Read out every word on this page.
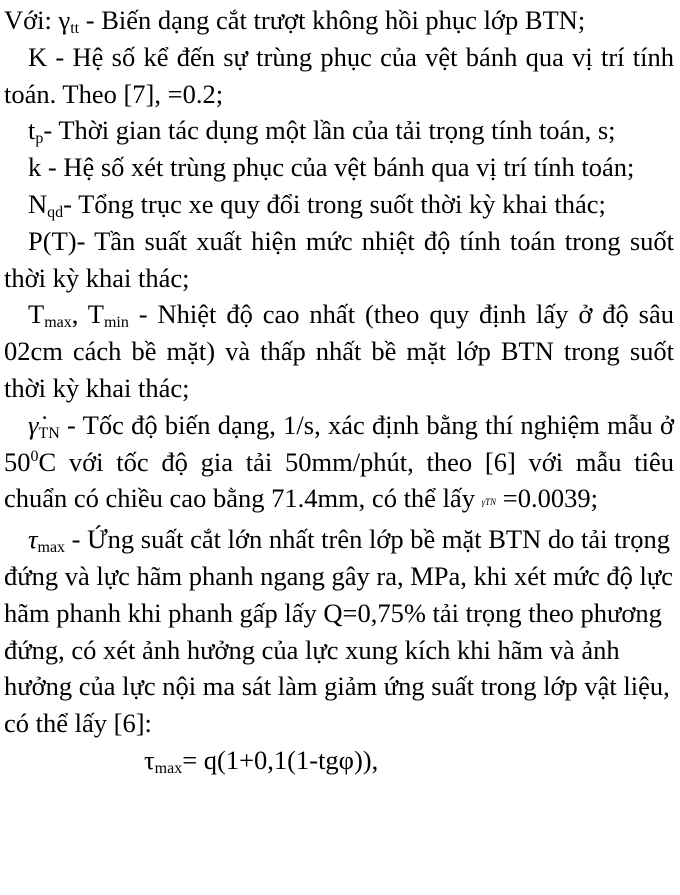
Với: $\gamma_{tt}$ - Biến dạng cắt trượt không hồi phục lớp BTN;

K - Hệ số kể đến sự trùng phục của vệt bánh qua vị trí tính toán. Theo [7], =0.2;

$t_p-$ Thời gian tác dụng một lần của tải trọng tính toán, s;

k - Hệ số xét trùng phục của vệt bánh qua vị trí tính toán;

$N_{qd}-$ Tổng trục xe quy đổi trong suốt thời kỳ khai thác;

P(T)- Tần suất xuất hiện mức nhiệt độ tính toán trong suốt thời kỳ khai thác;

$T_{max}$, $T_{min}$ - Nhiệt độ cao nhất (theo quy định lấy ở độ sâu 02cm cách bề mặt) và thấp nhất bề mặt lớp BTN trong suốt thời kỳ khai thác;

$\gammȧ_{TN}$ - Tốc độ biến dạng, 1/s, xác định bằng thí nghiệm mẫu ở $50^0C$ với tốc độ gia tải 50mm/phút, theo [6] với mẫu tiêu chuẩn có chiều cao bằng 71.4mm, có thể lấy γ̇TN =0.0039;

$\tau_{max}$ - Ứng suất cắt lớn nhất trên lớp bề mặt BTN do tải trọng đứng và lực hãm phanh ngang gây ra, MPa, khi xét mức độ lực hãm phanh khi phanh gấp lấy Q=0,75% tải trọng theo phương đứng, có xét ảnh hưởng của lực xung kích khi hãm và ảnh hưởng của lực nội ma sát làm giảm ứng suất trong lớp vật liệu, có thể lấy [6]:

$\tau_{max}= q(1+0,1(1-tg\varphi))$,
